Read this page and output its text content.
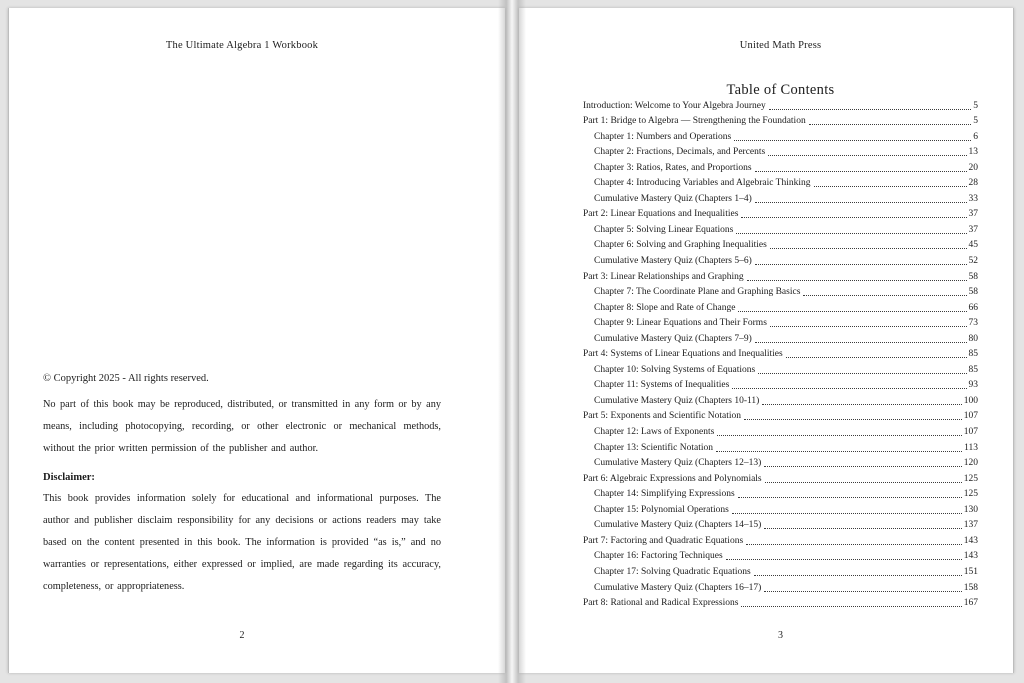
The Ultimate Algebra 1 Workbook
© Copyright 2025 - All rights reserved.
No part of this book may be reproduced, distributed, or transmitted in any form or by any means, including photocopying, recording, or other electronic or mechanical methods, without the prior written permission of the publisher and author.
Disclaimer:
This book provides information solely for educational and informational purposes. The author and publisher disclaim responsibility for any decisions or actions readers may take based on the content presented in this book. The information is provided “as is,” and no warranties or representations, either expressed or implied, are made regarding its accuracy, completeness, or appropriateness.
2
United Math Press
Table of Contents
Introduction: Welcome to Your Algebra Journey	5
Part 1: Bridge to Algebra — Strengthening the Foundation	5
Chapter 1: Numbers and Operations	6
Chapter 2: Fractions, Decimals, and Percents	13
Chapter 3: Ratios, Rates, and Proportions	20
Chapter 4: Introducing Variables and Algebraic Thinking	28
Cumulative Mastery Quiz (Chapters 1–4)	33
Part 2: Linear Equations and Inequalities	37
Chapter 5: Solving Linear Equations	37
Chapter 6: Solving and Graphing Inequalities	45
Cumulative Mastery Quiz (Chapters 5–6)	52
Part 3: Linear Relationships and Graphing	58
Chapter 7: The Coordinate Plane and Graphing Basics	58
Chapter 8: Slope and Rate of Change	66
Chapter 9: Linear Equations and Their Forms	73
Cumulative Mastery Quiz (Chapters 7–9)	80
Part 4: Systems of Linear Equations and Inequalities	85
Chapter 10: Solving Systems of Equations	85
Chapter 11: Systems of Inequalities	93
Cumulative Mastery Quiz (Chapters 10-11)	100
Part 5: Exponents and Scientific Notation	107
Chapter 12: Laws of Exponents	107
Chapter 13: Scientific Notation	113
Cumulative Mastery Quiz (Chapters 12–13)	120
Part 6: Algebraic Expressions and Polynomials	125
Chapter 14: Simplifying Expressions	125
Chapter 15: Polynomial Operations	130
Cumulative Mastery Quiz (Chapters 14–15)	137
Part 7: Factoring and Quadratic Equations	143
Chapter 16: Factoring Techniques	143
Chapter 17: Solving Quadratic Equations	151
Cumulative Mastery Quiz (Chapters 16–17)	158
Part 8: Rational and Radical Expressions	167
3
